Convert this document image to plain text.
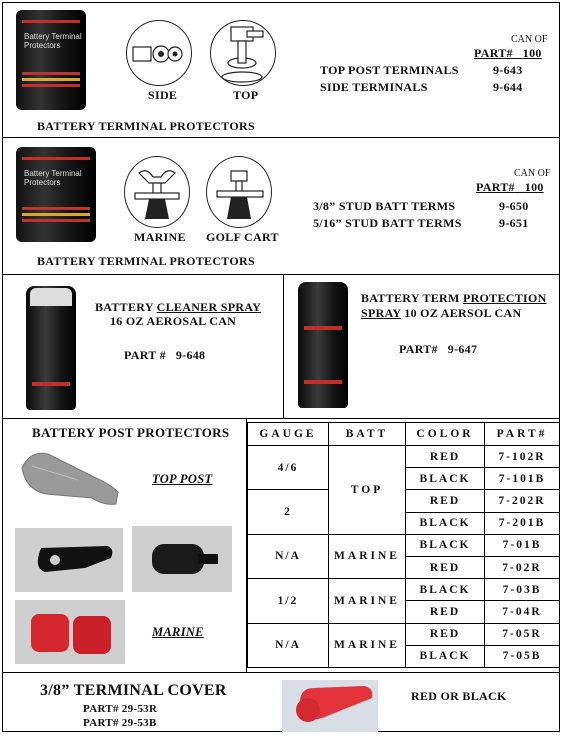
Battery Terminal Protectors
SIDE	TOP
CAN OF
PART# 100
TOP POST TERMINALS	9-643
SIDE TERMINALS	9-644
BATTERY TERMINAL PROTECTORS
Battery Terminal Protectors
MARINE GOLF CART
CAN OF
PART# 100
3/8” STUD BATT TERMS	9-650
5/16” STUD BATT TERMS	9-651
BATTERY TERMINAL PROTECTORS
BATTERY CLEANER SPRAY
16 OZ AEROSAL CAN
PART # 9-648
BATTERY TERM PROTECTION
SPRAY 10 OZ AERSOL CAN
PART# 9-647
BATTERY POST PROTECTORS
TOP POST
MARINE
GAUGE	BATT	COLOR	PART#
4/6	TOP	RED	7-102R
		BLACK	7-101B
2		RED	7-202R
		BLACK	7-201B
N/A	MARINE	BLACK	7-01B
		RED	7-02R
1/2	MARINE	BLACK	7-03B
		RED	7-04R
N/A	MARINE	RED	7-05R
		BLACK	7-05B
3/8” TERMINAL COVER
PART# 29-53R
PART# 29-53B
RED OR BLACK
